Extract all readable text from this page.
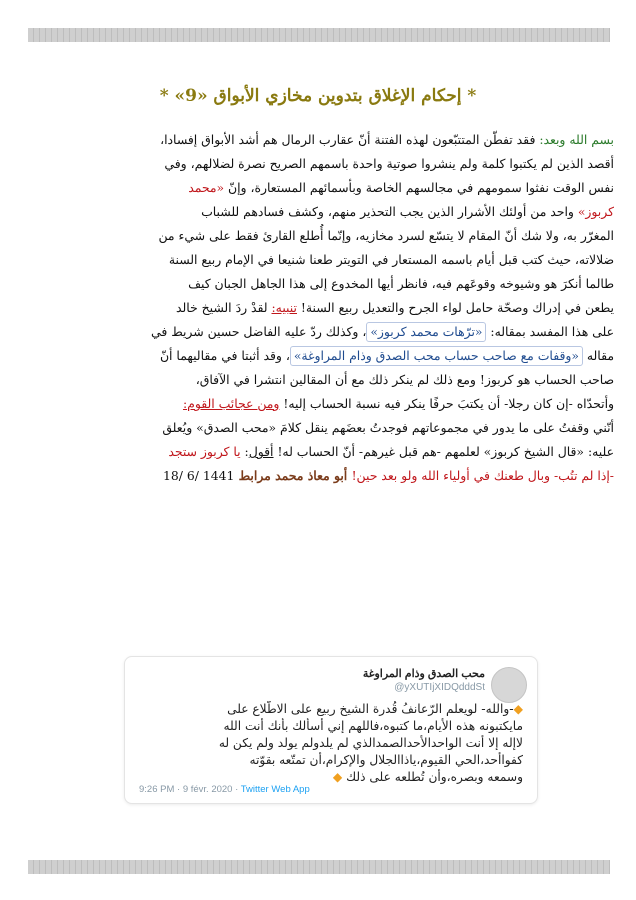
* إحكام الإغلاق بتدوين مخازي الأبواق «9» *
بسم الله وبعد: فقد تفطّن المتتبّعون لهذه الفتنة أنّ عقارب الرمال هم أشد الأبواق إفسادا،
أقصد الذين لم يكتبوا كلمة ولم ينشروا صوتية واحدة باسمهم الصريح نصرة لضلالهم، وفي
نفس الوقت نفثوا سمومهم في مجالسهم الخاصة وبأسمائهم المستعارة، وإنّ «محمد
كربوز» واحد من أولئك الأشرار الذين يجب التحذير منهم، وكشف فسادهم للشباب
المغرّر به، ولا شك أنّ المقام لا يتسّع لسرد مخازيه، وإنّما أُطلع القارئ فقط على شيء من
ضلالاته، حيث كتب قبل أيام باسمه المستعار في التويتر طعنا شنيعا في الإمام ربيع السنة
طالما أنكرَ هو وشيوخه وقوعَهم فيه، فانظر أيها المخدوع إلى هذا الجاهل الجبان كيف
يطعن في إدراك وصحّة حامل لواء الجرح والتعديل ربيع السنة! تنبيه: لقدْ ردَ الشيخ خالد
على هذا المفسد بمقاله: «ترّهات محمد كربوز»، وكذلك ردّ عليه الفاضل حسين شريط في
مقاله «وقفات مع صاحب حساب محب الصدق وذام المراوغة»، وقد أثبتا في مقاليهما أنّ
صاحب الحساب هو كربوز! ومع ذلك لم ينكر ذلك مع أن المقالين انتشرا في الآفاق،
وأتحدّاه -إن كان رجلا- أن يكتبَ حرفًا ينكر فيه نسبة الحساب إليه! ومن عجائب القوم:
أنّني وقفتُ على ما يدور في مجموعاتهم فوجدتُ بعضَهم ينقل كلامَ «محب الصدق» ويُعلق
عليه: «قال الشيخ كربوز» لعلمهم -هم قبل غيرهم- أنّ الحساب له! أقول: يا كربوز ستجد
-إذا لم تتُب- وبال طعنك في أولياء الله ولو بعد حين! أبو معاذ محمد مرابط 18/ 6/ 1441
محب الصدق وذام المراوغة
@yXUTIjXIDQdddSt
◆-والله- لويعلم الرّعانفُ قُدرة الشيخ ربيع على الاطّلاع على
مايكتبونه هذه الأيام،ما كتبوه،فاللهم إني أسألك بأنك أنت الله
لاإله إلا أنت الواحدالأحدالصمدالذي لم يلدولم يولد ولم يكن له
كفواأحد،الحي القيوم،ياذاالجلال والإكرام،أن تمتّعه بقوّته
وسمعه وبصره،وأن تُطلعه على ذلك ◆
9:26 PM · 9 févr. 2020 · Twitter Web App
